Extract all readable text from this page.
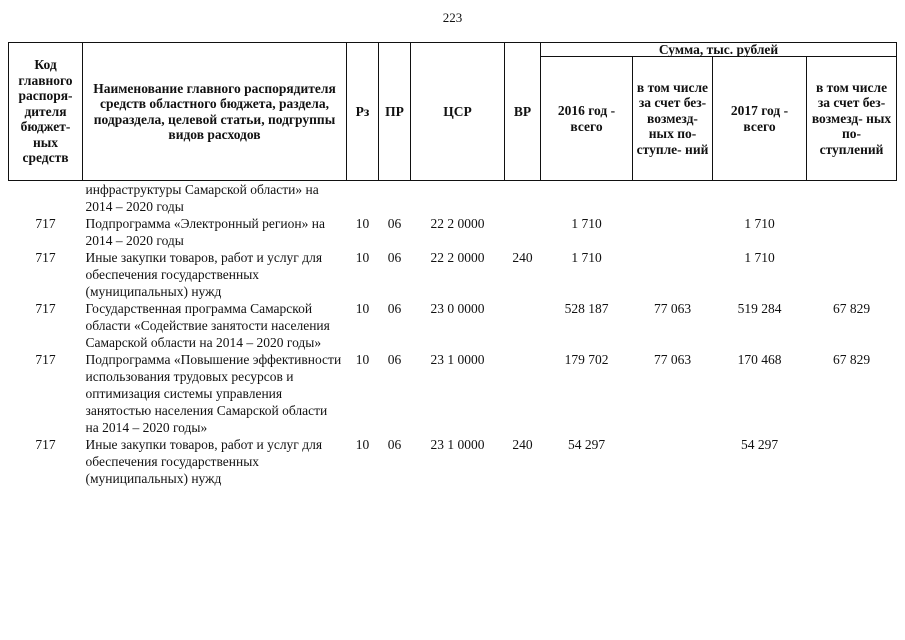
223
Код главного распоря- дителя бюджет- ных средств	Наименование главного распорядителя средств областного бюджета, раздела, подраздела, целевой статьи, подгруппы видов расходов	Рз	ПР	ЦСР	ВР	Сумма, тыс. рублей			
						2016 год - всего	в том числе за счет без- возмезд- ных по- ступле- ний	2017 год - всего	в том числе за счет без- возмезд- ных по- ступлений
	инфраструктуры Самарской области» на 2014 – 2020 годы								
717	Подпрограмма «Электронный регион» на 2014 – 2020 годы	10	06	22 2 0000		1 710		1 710	
717	Иные закупки товаров, работ и услуг для обеспечения государственных (муниципальных) нужд	10	06	22 2 0000	240	1 710		1 710	
717	Государственная программа Самарской области «Содействие занятости населения Самарской области на 2014 – 2020 годы»	10	06	23 0 0000		528 187	77 063	519 284	67 829
717	Подпрограмма «Повышение эффективности использования трудовых ресурсов и оптимизация системы управления занятостью населения Самарской области на 2014 – 2020 годы»	10	06	23 1 0000		179 702	77 063	170 468	67 829
717	Иные закупки товаров, работ и услуг для обеспечения государственных (муниципальных) нужд	10	06	23 1 0000	240	54 297		54 297	
